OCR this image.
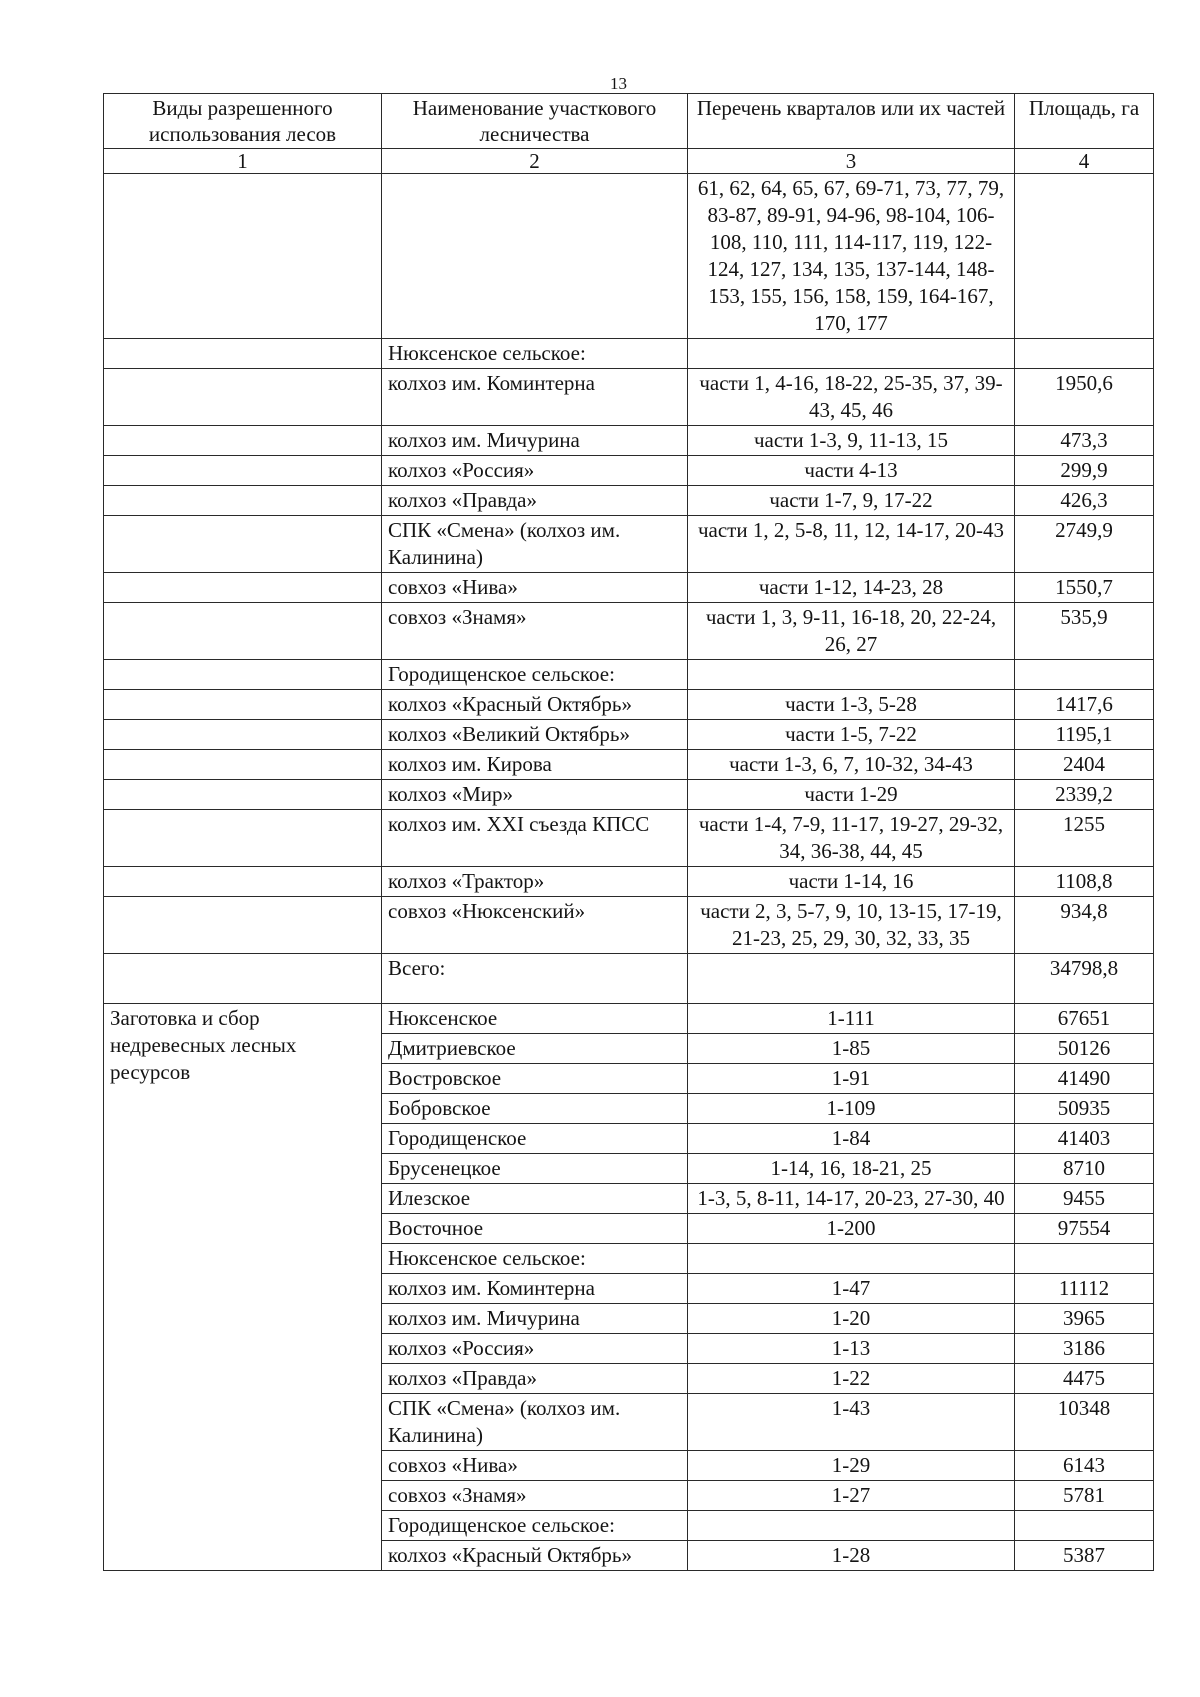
13
Виды разрешенного использования лесов	Наименование участкового лесничества	Перечень кварталов или их частей	Площадь, га
1	2	3	4
		61, 62, 64, 65, 67, 69-71, 73, 77, 79, 83-87, 89-91, 94-96, 98-104, 106-108, 110, 111, 114-117, 119, 122-124, 127, 134, 135, 137-144, 148-153, 155, 156, 158, 159, 164-167, 170, 177	
	Нюксенское сельское:		
	колхоз им. Коминтерна	части 1, 4-16, 18-22, 25-35, 37, 39-43, 45, 46	1950,6
	колхоз им. Мичурина	части 1-3, 9, 11-13, 15	473,3
	колхоз «Россия»	части 4-13	299,9
	колхоз «Правда»	части 1-7, 9, 17-22	426,3
	СПК «Смена» (колхоз им. Калинина)	части 1, 2, 5-8, 11, 12, 14-17, 20-43	2749,9
	совхоз «Нива»	части 1-12, 14-23, 28	1550,7
	совхоз «Знамя»	части 1, 3, 9-11, 16-18, 20, 22-24, 26, 27	535,9
	Городищенское сельское:		
	колхоз «Красный Октябрь»	части 1-3, 5-28	1417,6
	колхоз «Великий Октябрь»	части 1-5, 7-22	1195,1
	колхоз им. Кирова	части 1-3, 6, 7, 10-32, 34-43	2404
	колхоз «Мир»	части 1-29	2339,2
	колхоз им. XXI съезда КПСС	части 1-4, 7-9, 11-17, 19-27, 29-32, 34, 36-38, 44, 45	1255
	колхоз «Трактор»	части 1-14, 16	1108,8
	совхоз «Нюксенский»	части 2, 3, 5-7, 9, 10, 13-15, 17-19, 21-23, 25, 29, 30, 32, 33, 35	934,8
	Всего:		34798,8
Заготовка и сбор недревесных лесных ресурсов	Нюксенское	1-111	67651
	Дмитриевское	1-85	50126
	Востровское	1-91	41490
	Бобровское	1-109	50935
	Городищенское	1-84	41403
	Брусенецкое	1-14, 16, 18-21, 25	8710
	Илезское	1-3, 5, 8-11, 14-17, 20-23, 27-30, 40	9455
	Восточное	1-200	97554
	Нюксенское сельское:		
	колхоз им. Коминтерна	1-47	11112
	колхоз им. Мичурина	1-20	3965
	колхоз «Россия»	1-13	3186
	колхоз «Правда»	1-22	4475
	СПК «Смена» (колхоз им. Калинина)	1-43	10348
	совхоз «Нива»	1-29	6143
	совхоз «Знамя»	1-27	5781
	Городищенское сельское:		
	колхоз «Красный Октябрь»	1-28	5387
